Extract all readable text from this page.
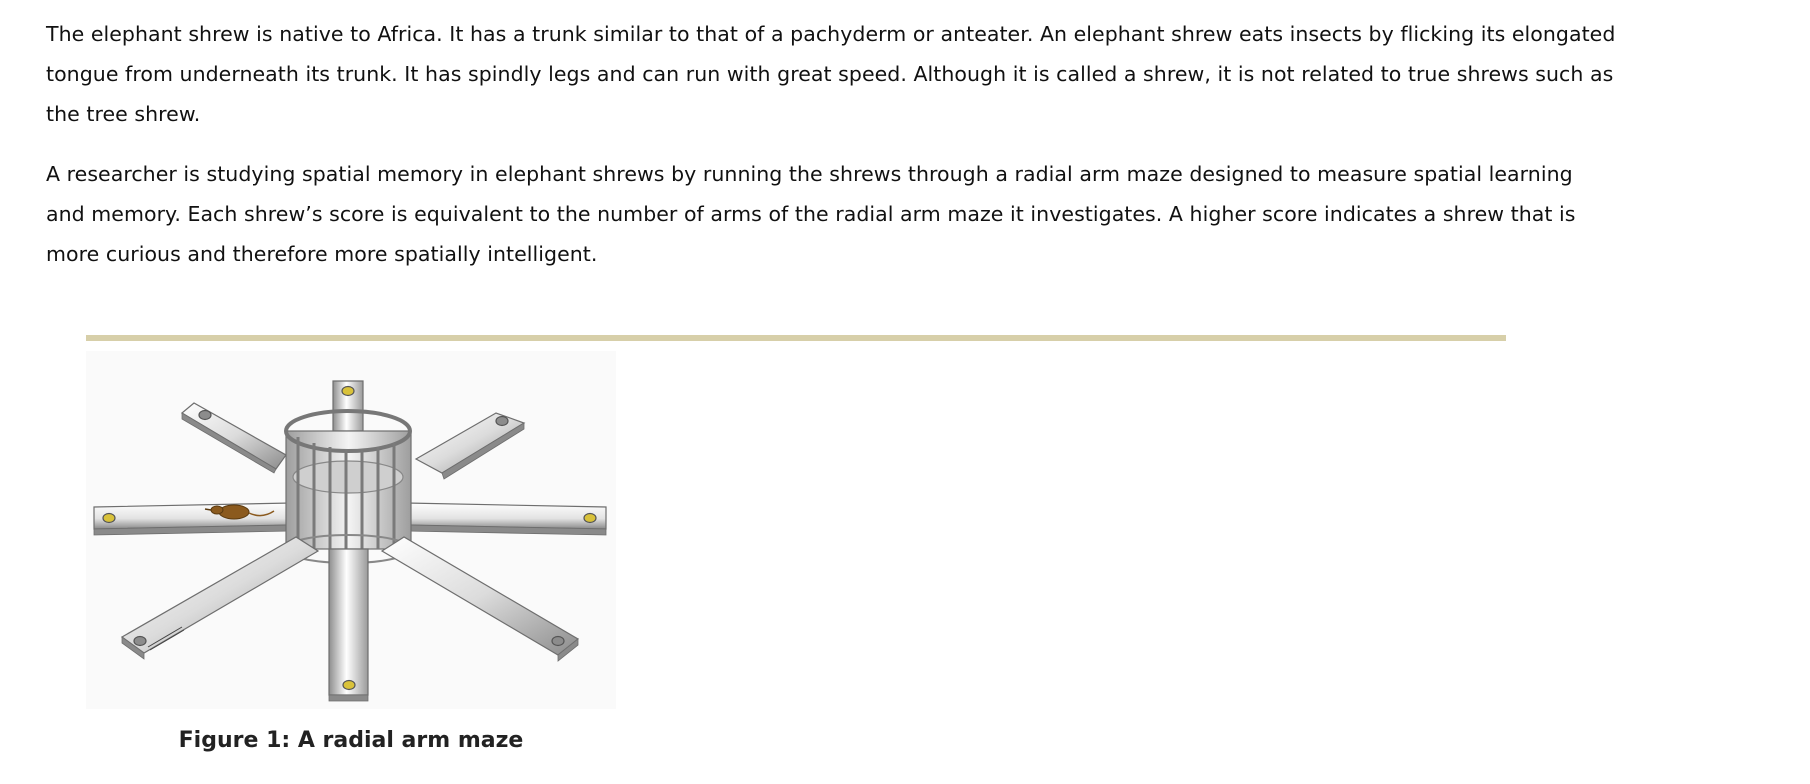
The elephant shrew is native to Africa. It has a trunk similar to that of a pachyderm or anteater. An elephant shrew eats insects by flicking its elongated tongue from underneath its trunk. It has spindly legs and can run with great speed. Although it is called a shrew, it is not related to true shrews such as the tree shrew.

A researcher is studying spatial memory in elephant shrews by running the shrews through a radial arm maze designed to measure spatial learning and memory. Each shrew’s score is equivalent to the number of arms of the radial arm maze it investigates. A higher score indicates a shrew that is more curious and therefore more spatially intelligent.

Figure 1: A radial arm maze
